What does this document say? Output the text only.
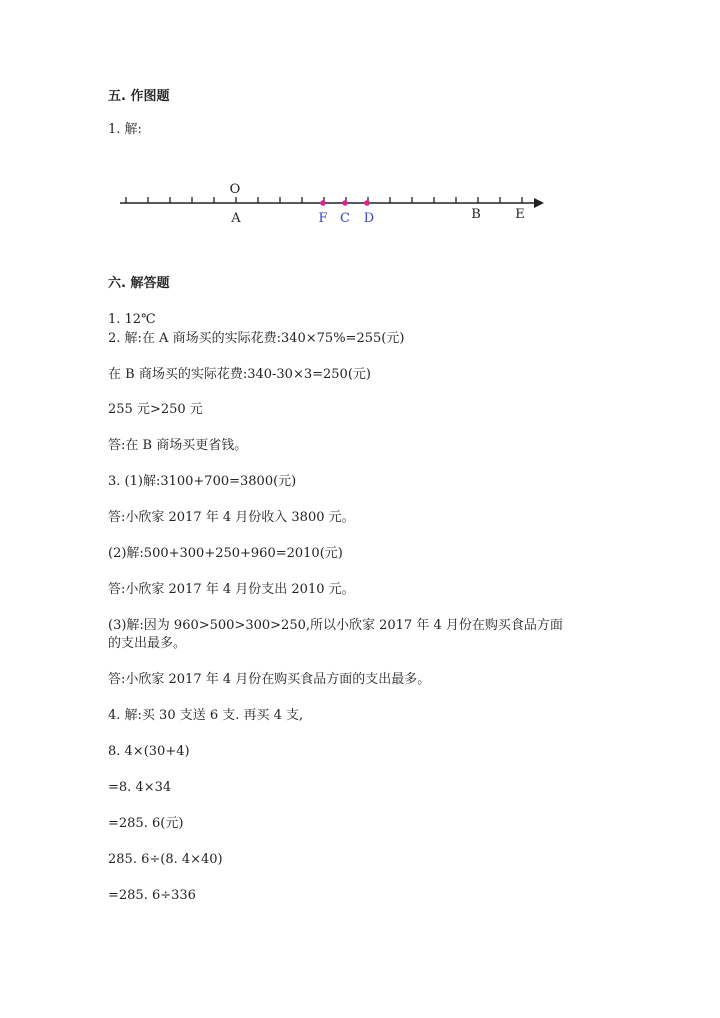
五. 作图题
1. 解:
O
A	F C D	B	E
六. 解答题
1. 12℃
2. 解:在 A 商场买的实际花费:340×75%=255(元)
在 B 商场买的实际花费:340-30×3=250(元)
255 元>250 元
答:在 B 商场买更省钱。
3. (1)解:3100+700=3800(元)
答:小欣家 2017 年 4 月份收入 3800 元。
(2)解:500+300+250+960=2010(元)
答:小欣家 2017 年 4 月份支出 2010 元。
(3)解:因为 960>500>300>250,所以小欣家 2017 年 4 月份在购买食品方面
的支出最多。
答:小欣家 2017 年 4 月份在购买食品方面的支出最多。
4. 解:买 30 支送 6 支. 再买 4 支,
8. 4×(30+4)
=8. 4×34
=285. 6(元)
285. 6÷(8. 4×40)
=285. 6÷336
